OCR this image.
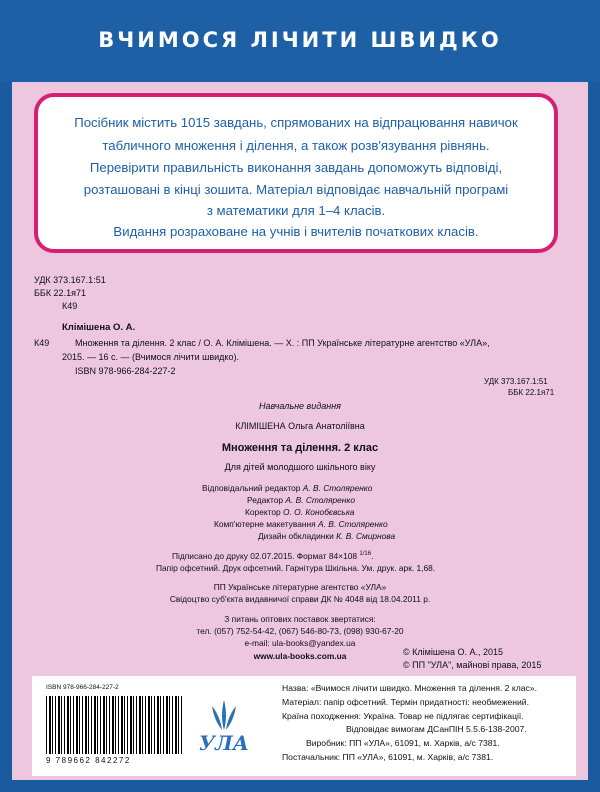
ВЧИМОСЯ ЛІЧИТИ ШВИДКО

Посібник містить 1015 завдань, спрямованих на відпрацювання навичок

табличного множення і ділення, а також розв'язування рівнянь.

Перевірити правильність виконання завдань допоможуть відповіді,

розташовані в кінці зошита. Матеріал відповідає навчальній програмі

з математики для 1–4 класів.

Видання розраховане на учнів і вчителів початкових класів.

УДК 373.167.1:51
ББК 22.1я71
К49
Клімішена О. А.
К49	Множення та ділення. 2 клас / О. А. Клімішена. — Х. : ПП Українське літературне агентство «УЛА»,
2015. — 16 с. — (Вчимося лічити швидко).
ISBN 978-966-284-227-2
УДК 373.167.1:51
ББК 22.1я71
Навчальне видання
КЛІМІШЕНА Ольга Анатоліївна
Множення та ділення. 2 клас
Для дітей молодшого шкільного віку
Відповідальний редактор А. В. Столяренко
Редактор А. В. Столяренко
Коректор О. О. Конобєвська
Комп'ютерне макетування А. В. Столяренко
Дизайн обкладинки К. В. Смирнова
Підписано до друку 02.07.2015. Формат 84×108 $^{1/16}$.
Папір офсетний. Друк офсетний. Гарнітура Шкільна. Ум. друк. арк. 1,68.
ПП Українське літературне агентство «УЛА»
Свідоцтво суб'єкта видавничої справи ДК № 4048 від 18.04.2011 р.
З питань оптових поставок звертатися:
тел. (057) 752-54-42, (067) 546-80-73, (098) 930-67-20
e-mail: ula-books@yandex.ua
www.ula-books.com.ua	© Клімішена О. А., 2015
© ПП "УЛА", майнові права, 2015
ISBN 978-966-284-227-2
9 789662 842272
УЛА
Назва: «Вчимося лічити швидко. Множення та ділення. 2 клас».
Матеріал: папір офсетний. Термін придатності: необмежений.
Країна походження: Україна. Товар не підлягає сертифікації.
Відповідає вимогам ДСанПІН 5.5.6-138-2007.
Виробник: ПП «УЛА», 61091, м. Харків, а/с 7381.
Постачальник: ПП «УЛА», 61091, м. Харків, а/с 7381.
